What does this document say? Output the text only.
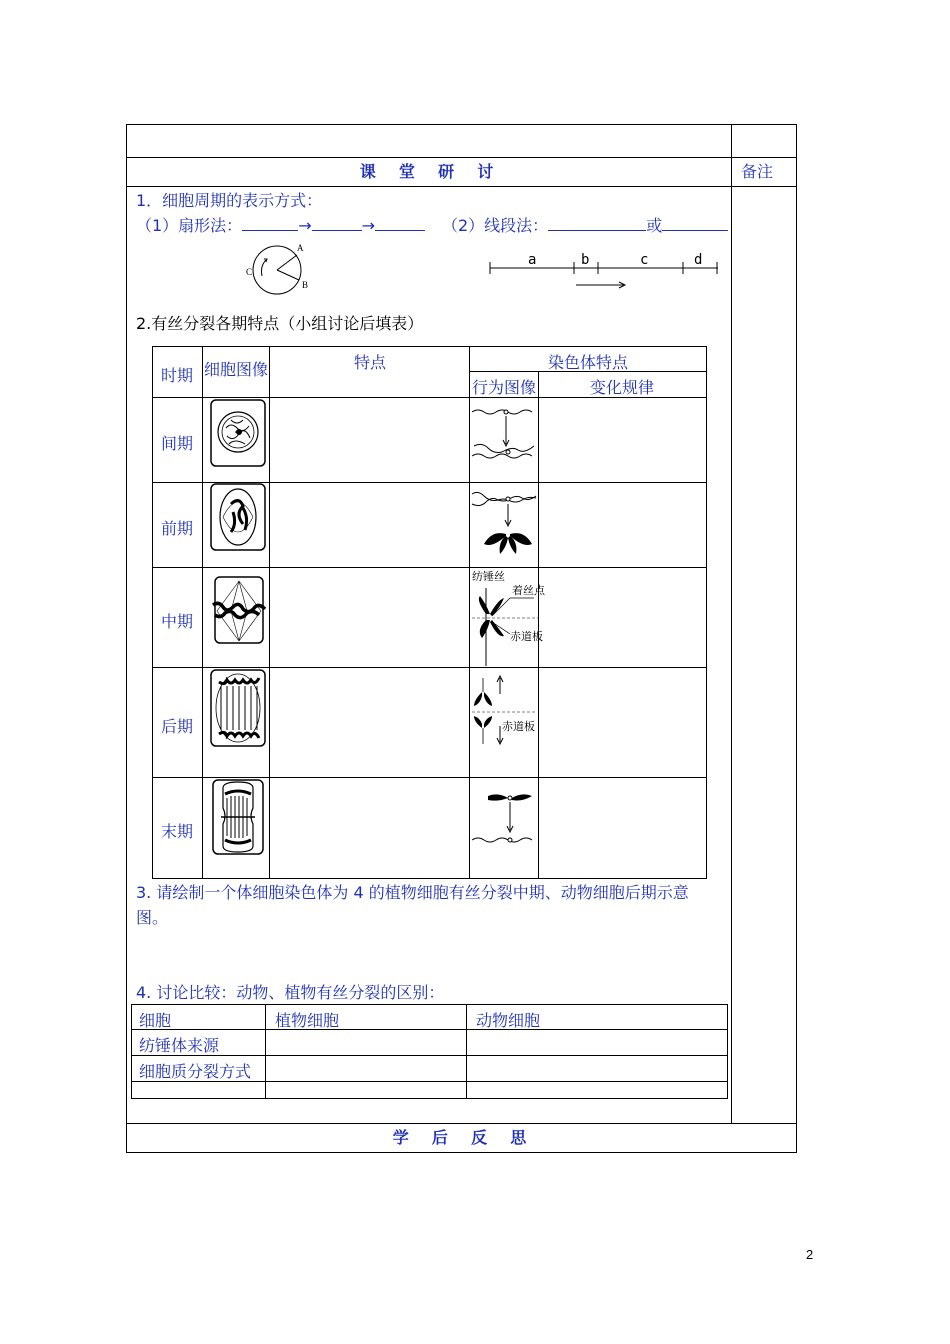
课  堂  研  讨	备注
1．细胞周期的表示方式：
（1）扇形法：	→	→	（2）线段法：	或
A
B
C
a	b	c	d
2.有丝分裂各期特点（小组讨论后填表）
时期 细胞图像	特点	染色体特点
行为图像	变化规律
间期
前期
中期
后期
末期
纺锤丝
着丝点
赤道板
赤道板
3. 请绘制一个体细胞染色体为 4 的植物细胞有丝分裂中期、动物细胞后期示意
图。
4. 讨论比较：动物、植物有丝分裂的区别：
细胞	植物细胞	动物细胞
纺锤体来源
细胞质分裂方式
学  后  反  思
2
